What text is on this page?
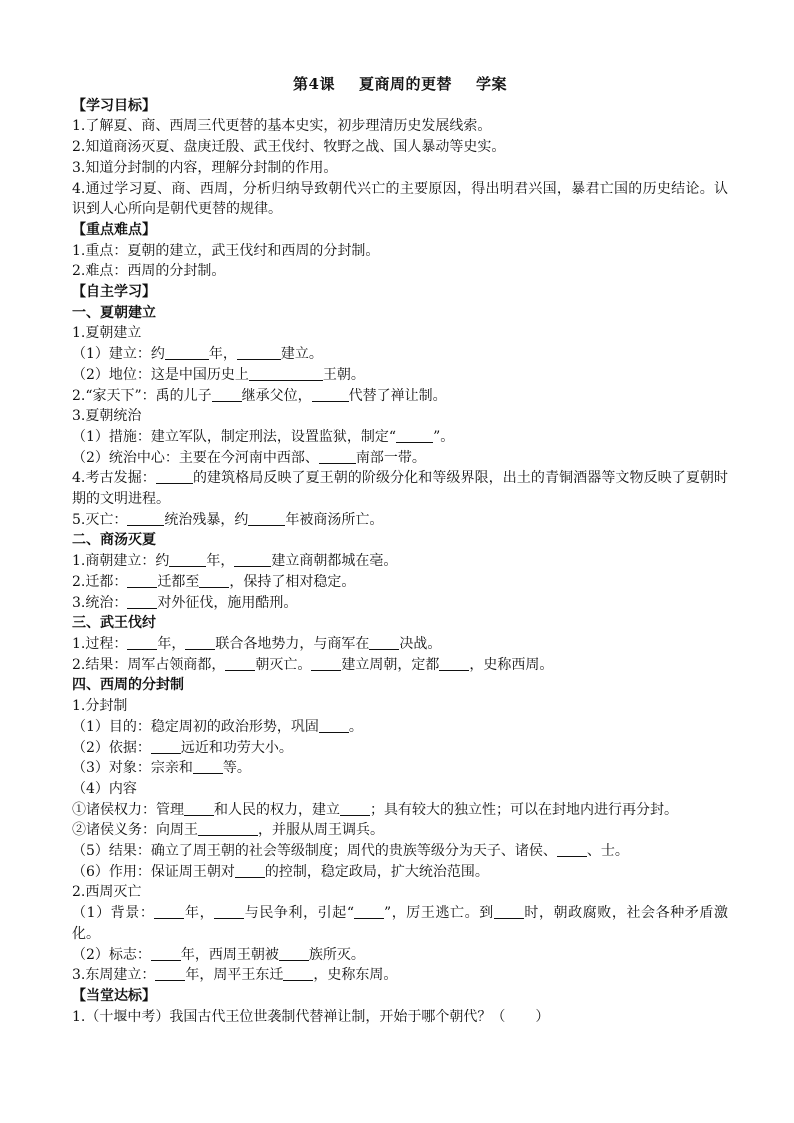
第4课 夏商周的更替 学案
【学习目标】
1.了解夏、商、西周三代更替的基本史实，初步理清历史发展线索。
2.知道商汤灭夏、盘庚迁殷、武王伐纣、牧野之战、国人暴动等史实。
3.知道分封制的内容，理解分封制的作用。
4.通过学习夏、商、西周，分析归纳导致朝代兴亡的主要原因，得出明君兴国，暴君亡国的历史结论。认识到人心所向是朝代更替的规律。
【重点难点】
1.重点：夏朝的建立，武王伐纣和西周的分封制。
2.难点：西周的分封制。
【自主学习】
一、夏朝建立
1.夏朝建立
（1）建立：约	年，	建立。
（2）地位：这是中国历史上	王朝。
2.“家天下”：禹的儿子 继承父位，	代替了禅让制。
3.夏朝统治
（1）措施：建立军队，制定刑法，设置监狱，制定“	”。
（2）统治中心：主要在今河南中西部、	南部一带。
4.考古发掘：	的建筑格局反映了夏王朝的阶级分化和等级界限，出土的青铜酒器等文物反映了夏朝时期的文明进程。
5.灭亡：	统治残暴，约	年被商汤所亡。
二、商汤灭夏
1.商朝建立：约	年，	建立商朝都城在亳。
2.迁都： 迁都至 ，保持了相对稳定。
3.统治： 对外征伐，施用酷刑。
三、武王伐纣
1.过程： 年， 联合各地势力，与商军在 决战。
2.结果：周军占领商都， 朝灭亡。 建立周朝，定都 ，史称西周。
四、西周的分封制
1.分封制
（1）目的：稳定周初的政治形势，巩固 。
（2）依据： 远近和功劳大小。
（3）对象：宗亲和 等。
（4）内容
①诸侯权力：管理 和人民的权力，建立 ；具有较大的独立性；可以在封地内进行再分封。
②诸侯义务：向周王	，并服从周王调兵。
（5）结果：确立了周王朝的社会等级制度；周代的贵族等级分为天子、诸侯、 、士。
（6）作用：保证周王朝对 的控制，稳定政局，扩大统治范围。
2.西周灭亡
（1）背景： 年， 与民争利，引起“ ”，厉王逃亡。到 时，朝政腐败，社会各种矛盾激化。
（2）标志： 年，西周王朝被 族所灭。
3.东周建立： 年，周平王东迁 ，史称东周。
【当堂达标】
1.（十堰中考）我国古代王位世袭制代替禅让制，开始于哪个朝代？（ ）
